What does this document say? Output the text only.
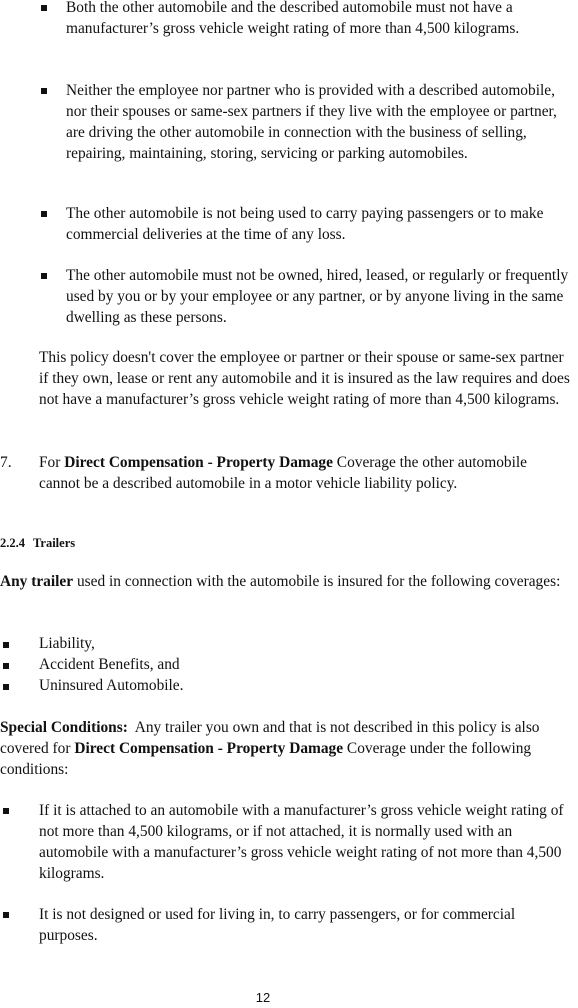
Both the other automobile and the described automobile must not have a manufacturer’s gross vehicle weight rating of more than 4,500 kilograms.

Neither the employee nor partner who is provided with a described automobile, nor their spouses or same-sex partners if they live with the employee or partner, are driving the other automobile in connection with the business of selling, repairing, maintaining, storing, servicing or parking automobiles.

The other automobile is not being used to carry paying passengers or to make commercial deliveries at the time of any loss.

The other automobile must not be owned, hired, leased, or regularly or frequently used by you or by your employee or any partner, or by anyone living in the same dwelling as these persons.

This policy doesn't cover the employee or partner or their spouse or same-sex partner if they own, lease or rent any automobile and it is insured as the law requires and does not have a manufacturer’s gross vehicle weight rating of more than 4,500 kilograms.

7. For Direct Compensation - Property Damage Coverage the other automobile cannot be a described automobile in a motor vehicle liability policy.

2.2.4 Trailers

Any trailer used in connection with the automobile is insured for the following coverages:

Liability,

Accident Benefits, and

Uninsured Automobile.

Special Conditions:  Any trailer you own and that is not described in this policy is also covered for Direct Compensation - Property Damage Coverage under the following conditions:

If it is attached to an automobile with a manufacturer’s gross vehicle weight rating of not more than 4,500 kilograms, or if not attached, it is normally used with an automobile with a manufacturer’s gross vehicle weight rating of not more than 4,500 kilograms.

It is not designed or used for living in, to carry passengers, or for commercial purposes.

12
